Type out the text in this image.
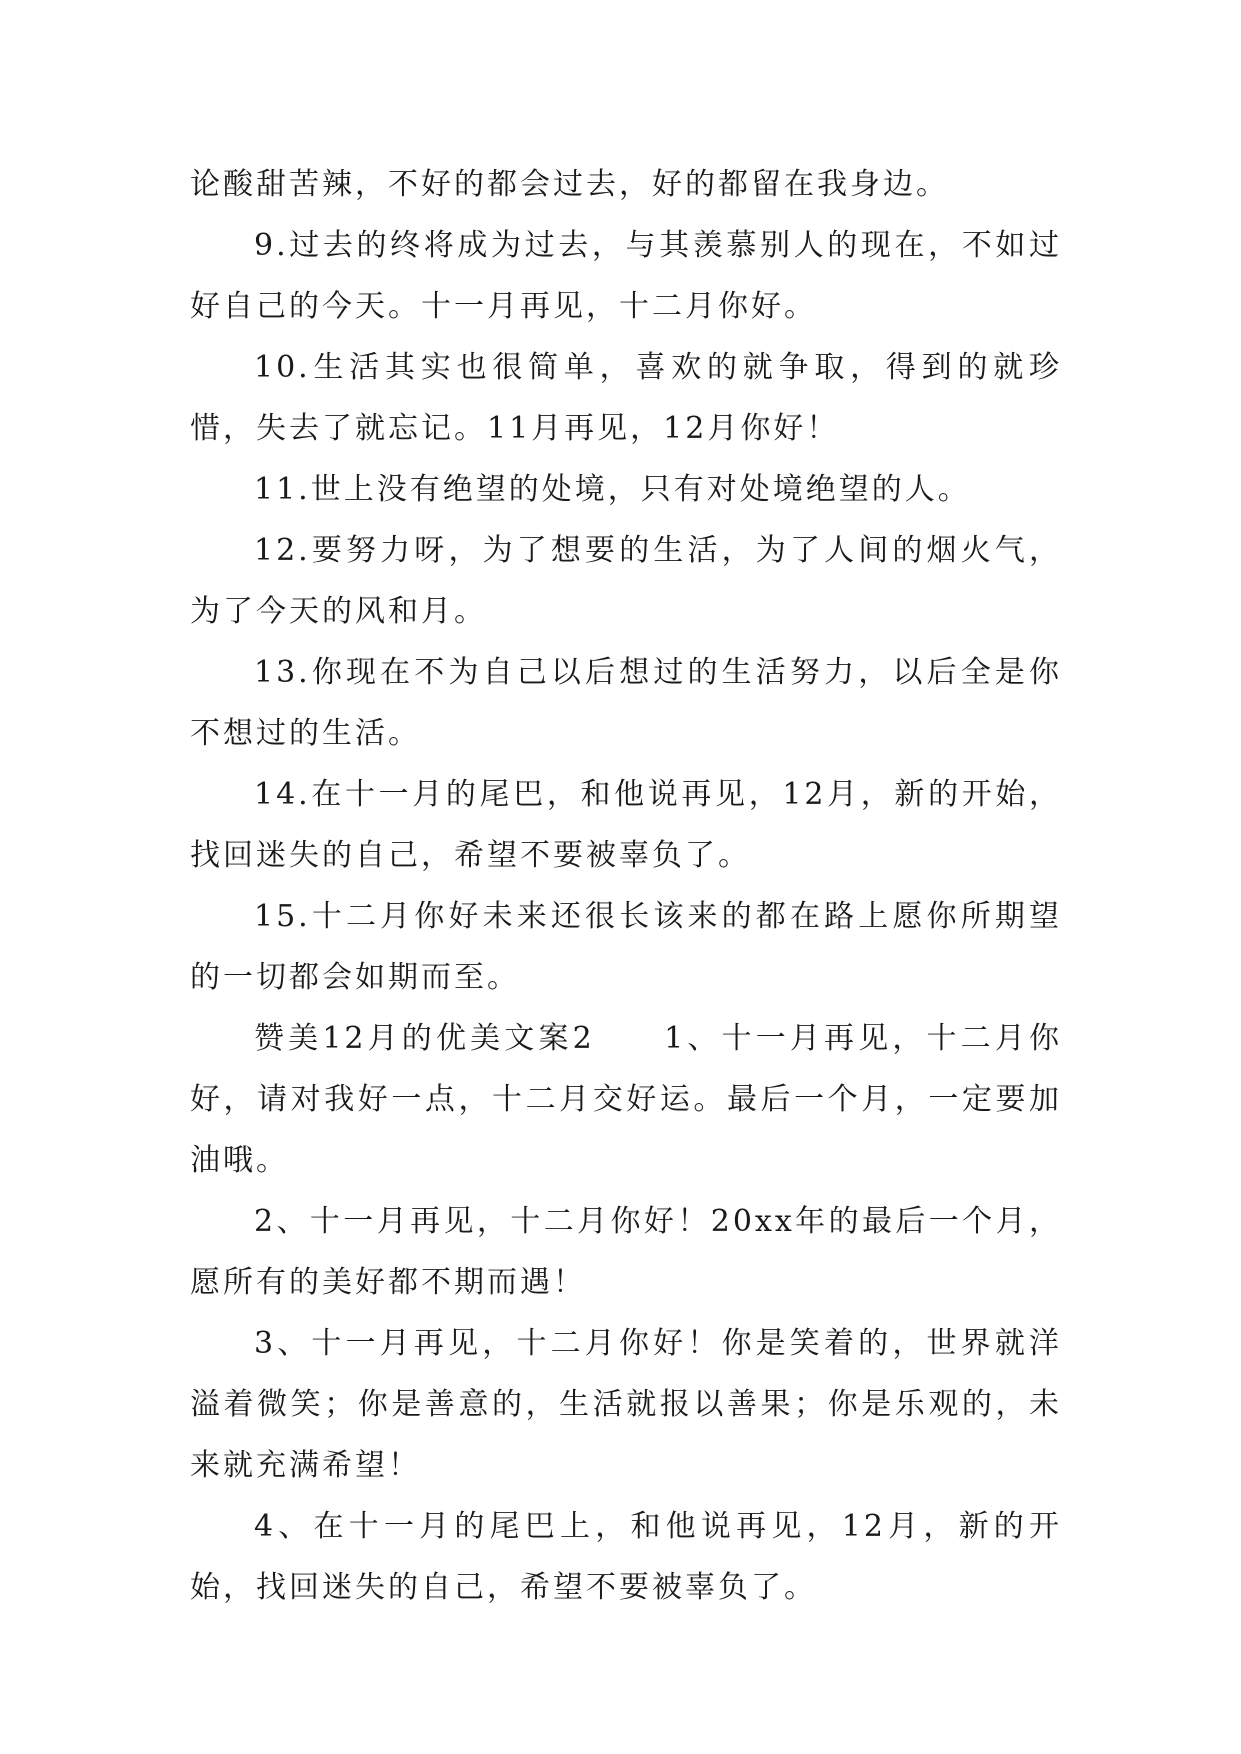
论酸甜苦辣，不好的都会过去，好的都留在我身边。

9.过去的终将成为过去，与其羡慕别人的现在，不如过好自己的今天。十一月再见，十二月你好。

10.生活其实也很简单，喜欢的就争取，得到的就珍惜，失去了就忘记。11月再见，12月你好！

11.世上没有绝望的处境，只有对处境绝望的人。

12.要努力呀，为了想要的生活，为了人间的烟火气，为了今天的风和月。

13.你现在不为自己以后想过的生活努力，以后全是你不想过的生活。

14.在十一月的尾巴，和他说再见，12月，新的开始，找回迷失的自己，希望不要被辜负了。

15.十二月你好未来还很长该来的都在路上愿你所期望的一切都会如期而至。

赞美12月的优美文案2　　1、十一月再见，十二月你好，请对我好一点，十二月交好运。最后一个月，一定要加油哦。

2、十一月再见，十二月你好！20xx年的最后一个月，愿所有的美好都不期而遇！

3、十一月再见，十二月你好！你是笑着的，世界就洋溢着微笑；你是善意的，生活就报以善果；你是乐观的，未来就充满希望！

4、在十一月的尾巴上，和他说再见，12月，新的开始，找回迷失的自己，希望不要被辜负了。
